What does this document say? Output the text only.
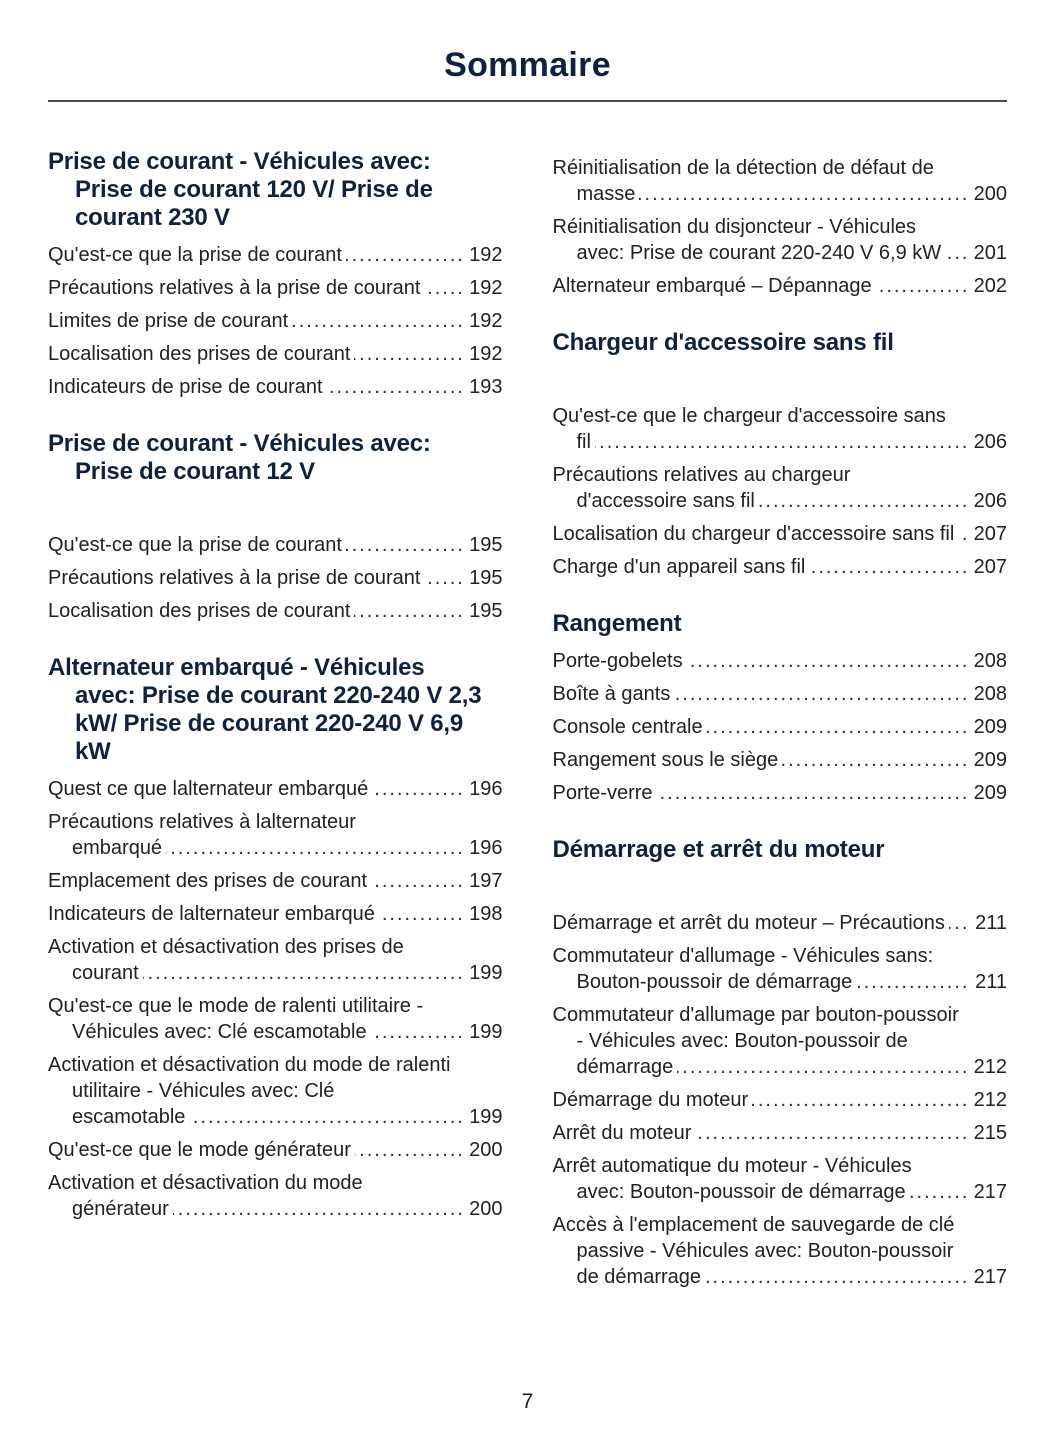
Sommaire
Prise de courant - Véhicules avec: Prise de courant 120 V/ Prise de courant 230 V
Qu'est-ce que la prise de courant .....	192
Précautions relatives à la prise de courant ..... 192
Limites de prise de courant .....	192
Localisation des prises de courant .....	192
Indicateurs de prise de courant .....	193
Prise de courant - Véhicules avec: Prise de courant 12 V
Qu'est-ce que la prise de courant .....	195
Précautions relatives à la prise de courant ..... 195
Localisation des prises de courant .....	195
Alternateur embarqué - Véhicules avec: Prise de courant 220-240 V 2,3 kW/ Prise de courant 220-240 V 6,9 kW
Quest ce que lalternateur embarqué .....	196
Précautions relatives à lalternateur embarqué .....	196
Emplacement des prises de courant .....	197
Indicateurs de lalternateur embarqué .....	198
Activation et désactivation des prises de courant .....	199
Qu'est-ce que le mode de ralenti utilitaire - Véhicules avec: Clé escamotable .....	199
Activation et désactivation du mode de ralenti utilitaire - Véhicules avec: Clé escamotable .....	199
Qu'est-ce que le mode générateur .....	200
Activation et désactivation du mode générateur .....	200
Réinitialisation de la détection de défaut de masse .....	200
Réinitialisation du disjoncteur - Véhicules avec: Prise de courant 220-240 V 6,9 kW ..... 201
Alternateur embarqué – Dépannage .....	202
Chargeur d'accessoire sans fil
Qu'est-ce que le chargeur d'accessoire sans fil .....	206
Précautions relatives au chargeur d'accessoire sans fil .....	206
Localisation du chargeur d'accessoire sans fil ..... 207
Charge d'un appareil sans fil .....	207
Rangement
Porte-gobelets .....	208
Boîte à gants .....	208
Console centrale .....	209
Rangement sous le siège .....	209
Porte-verre .....	209
Démarrage et arrêt du moteur
Démarrage et arrêt du moteur – Précautions ..... 211
Commutateur d'allumage - Véhicules sans: Bouton-poussoir de démarrage .....	211
Commutateur d'allumage par bouton-poussoir - Véhicules avec: Bouton-poussoir de démarrage .....	212
Démarrage du moteur .....	212
Arrêt du moteur .....	215
Arrêt automatique du moteur - Véhicules avec: Bouton-poussoir de démarrage .....	217
Accès à l'emplacement de sauvegarde de clé passive - Véhicules avec: Bouton-poussoir de démarrage .....	217
7
